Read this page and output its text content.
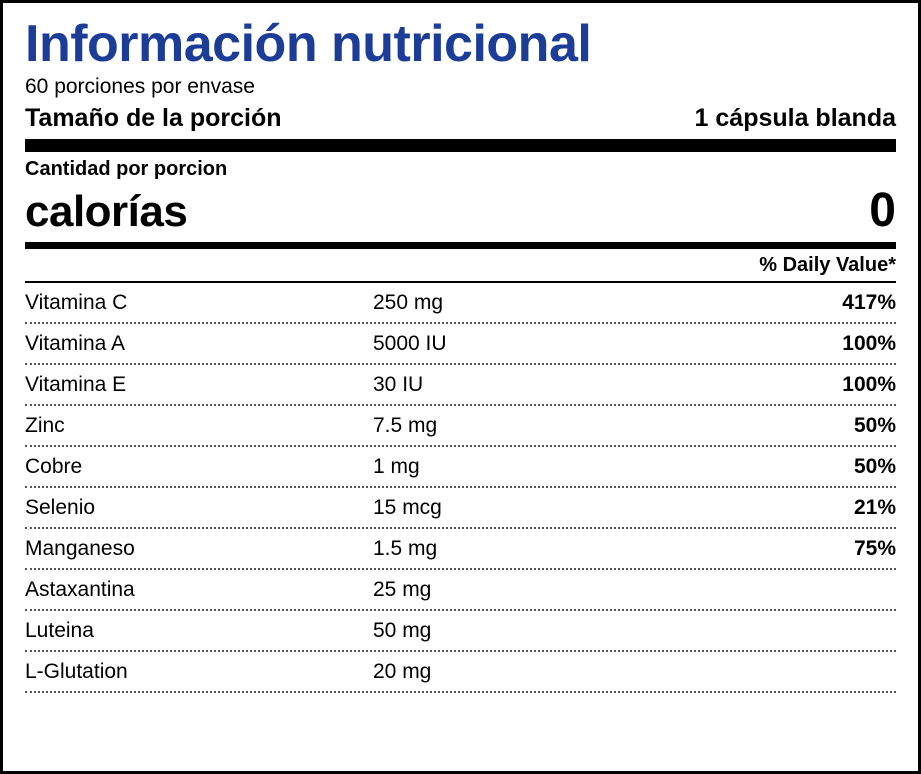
Información nutricional
60 porciones por envase
Tamaño de la porción	1 cápsula blanda
Cantidad por porcion
calorías	0
% Daily Value*
Vitamina C	250 mg	417%
Vitamina A	5000 IU	100%
Vitamina E	30 IU	100%
Zinc	7.5 mg	50%
Cobre	1 mg	50%
Selenio	15 mcg	21%
Manganeso	1.5 mg	75%
Astaxantina	25 mg
Luteina	50 mg
L-Glutation	20 mg
